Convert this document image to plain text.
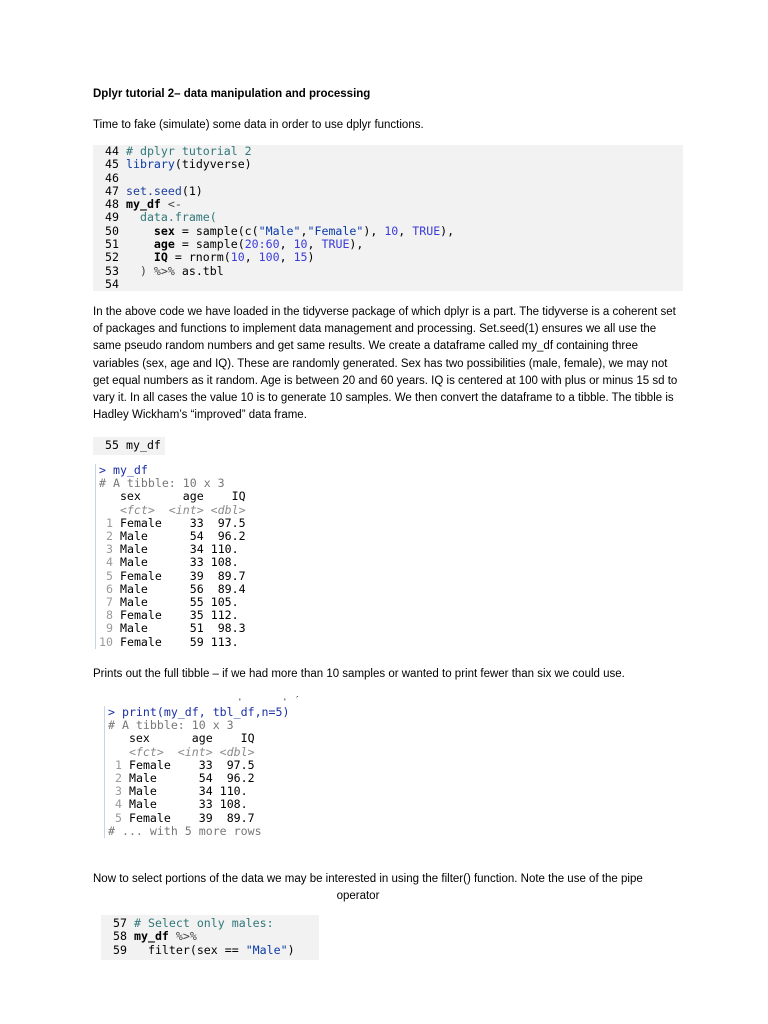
Dplyr tutorial 2– data manipulation and processing
Time to fake (simulate) some data in order to use dplyr functions.
44 # dplyr tutorial 2
45 library(tidyverse)
46
47 set.seed(1)
48 my_df <-
49	data.frame(
50	sex = sample(c("Male","Female"), 10, TRUE),
51	age = sample(20:60, 10, TRUE),
52	IQ = rnorm(10, 100, 15)
53	) %>% as.tbl
54
In the above code we have loaded in the tidyverse package of which dplyr is a part. The tidyverse is a coherent set of packages and functions to implement data management and processing. Set.seed(1) ensures we all use the same pseudo random numbers and get same results. We create a dataframe called my_df containing three variables (sex, age and IQ). These are randomly generated. Sex has two possibilities (male, female), we may not get equal numbers as it random. Age is between 20 and 60 years. IQ is centered at 100 with plus or minus 15 sd to vary it. In all cases the value 10 is to generate 10 samples. We then convert the dataframe to a tibble. The tibble is Hadley Wickham’s “improved” data frame.
55 my_df
> my_df
# A tibble: 10 x 3
sex      age    IQ
<fct>  <int> <dbl>
1 Female    33  97.5
2 Male      54  96.2
3 Male      34 110.
4 Male      33 108.
5 Female    39  89.7
6 Male      56  89.4
7 Male      55 105.
8 Female    35 112.
9 Male      51  98.3
10 Female    59 113.
Prints out the full tibble – if we had more than 10 samples or wanted to print fewer than six we could use.
'	' ´
> print(my_df, tbl_df,n=5)
# A tibble: 10 x 3
sex      age    IQ
<fct>  <int> <dbl>
1 Female    33  97.5
2 Male      54  96.2
3 Male      34 110.
4 Male      33 108.
5 Female    39  89.7
# ... with 5 more rows
Now to select portions of the data we may be interested in using the filter() function. Note the use of the pipe
operator
57 # Select only males:
58 my_df %>%
59	filter(sex == "Male")
